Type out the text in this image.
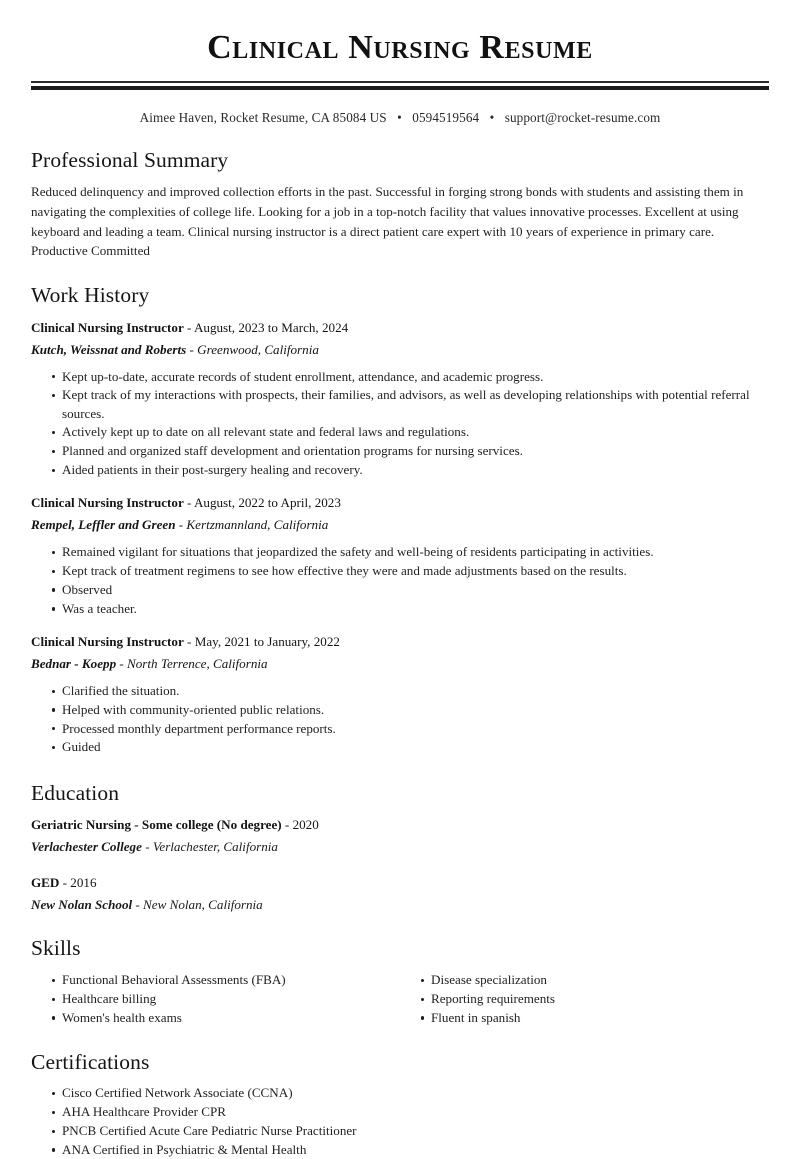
Clinical Nursing Resume
Aimee Haven, Rocket Resume, CA 85084 US • 0594519564 • support@rocket-resume.com
Professional Summary

Reduced delinquency and improved collection efforts in the past. Successful in forging strong bonds with students and assisting them in navigating the complexities of college life. Looking for a job in a top-notch facility that values innovative processes. Excellent at using keyboard and leading a team. Clinical nursing instructor is a direct patient care expert with 10 years of experience in primary care. Productive Committed

Work History
Clinical Nursing Instructor - August, 2023 to March, 2024
Kutch, Weissnat and Roberts - Greenwood, California
Kept up-to-date, accurate records of student enrollment, attendance, and academic progress.
Kept track of my interactions with prospects, their families, and advisors, as well as developing relationships with potential referral sources.
Actively kept up to date on all relevant state and federal laws and regulations.
Planned and organized staff development and orientation programs for nursing services.
Aided patients in their post-surgery healing and recovery.
Clinical Nursing Instructor - August, 2022 to April, 2023
Rempel, Leffler and Green - Kertzmannland, California
Remained vigilant for situations that jeopardized the safety and well-being of residents participating in activities.
Kept track of treatment regimens to see how effective they were and made adjustments based on the results.
Observed
Was a teacher.
Clinical Nursing Instructor - May, 2021 to January, 2022
Bednar - Koepp - North Terrence, California
Clarified the situation.
Helped with community-oriented public relations.
Processed monthly department performance reports.
Guided
Education
Geriatric Nursing - Some college (No degree) - 2020
Verlachester College - Verlachester, California
GED - 2016
New Nolan School - New Nolan, California
Skills
Functional Behavioral Assessments (FBA)
Healthcare billing
Women's health exams
Disease specialization
Reporting requirements
Fluent in spanish
Certifications
Cisco Certified Network Associate (CCNA)
AHA Healthcare Provider CPR
PNCB Certified Acute Care Pediatric Nurse Practitioner
ANA Certified in Psychiatric & Mental Health
